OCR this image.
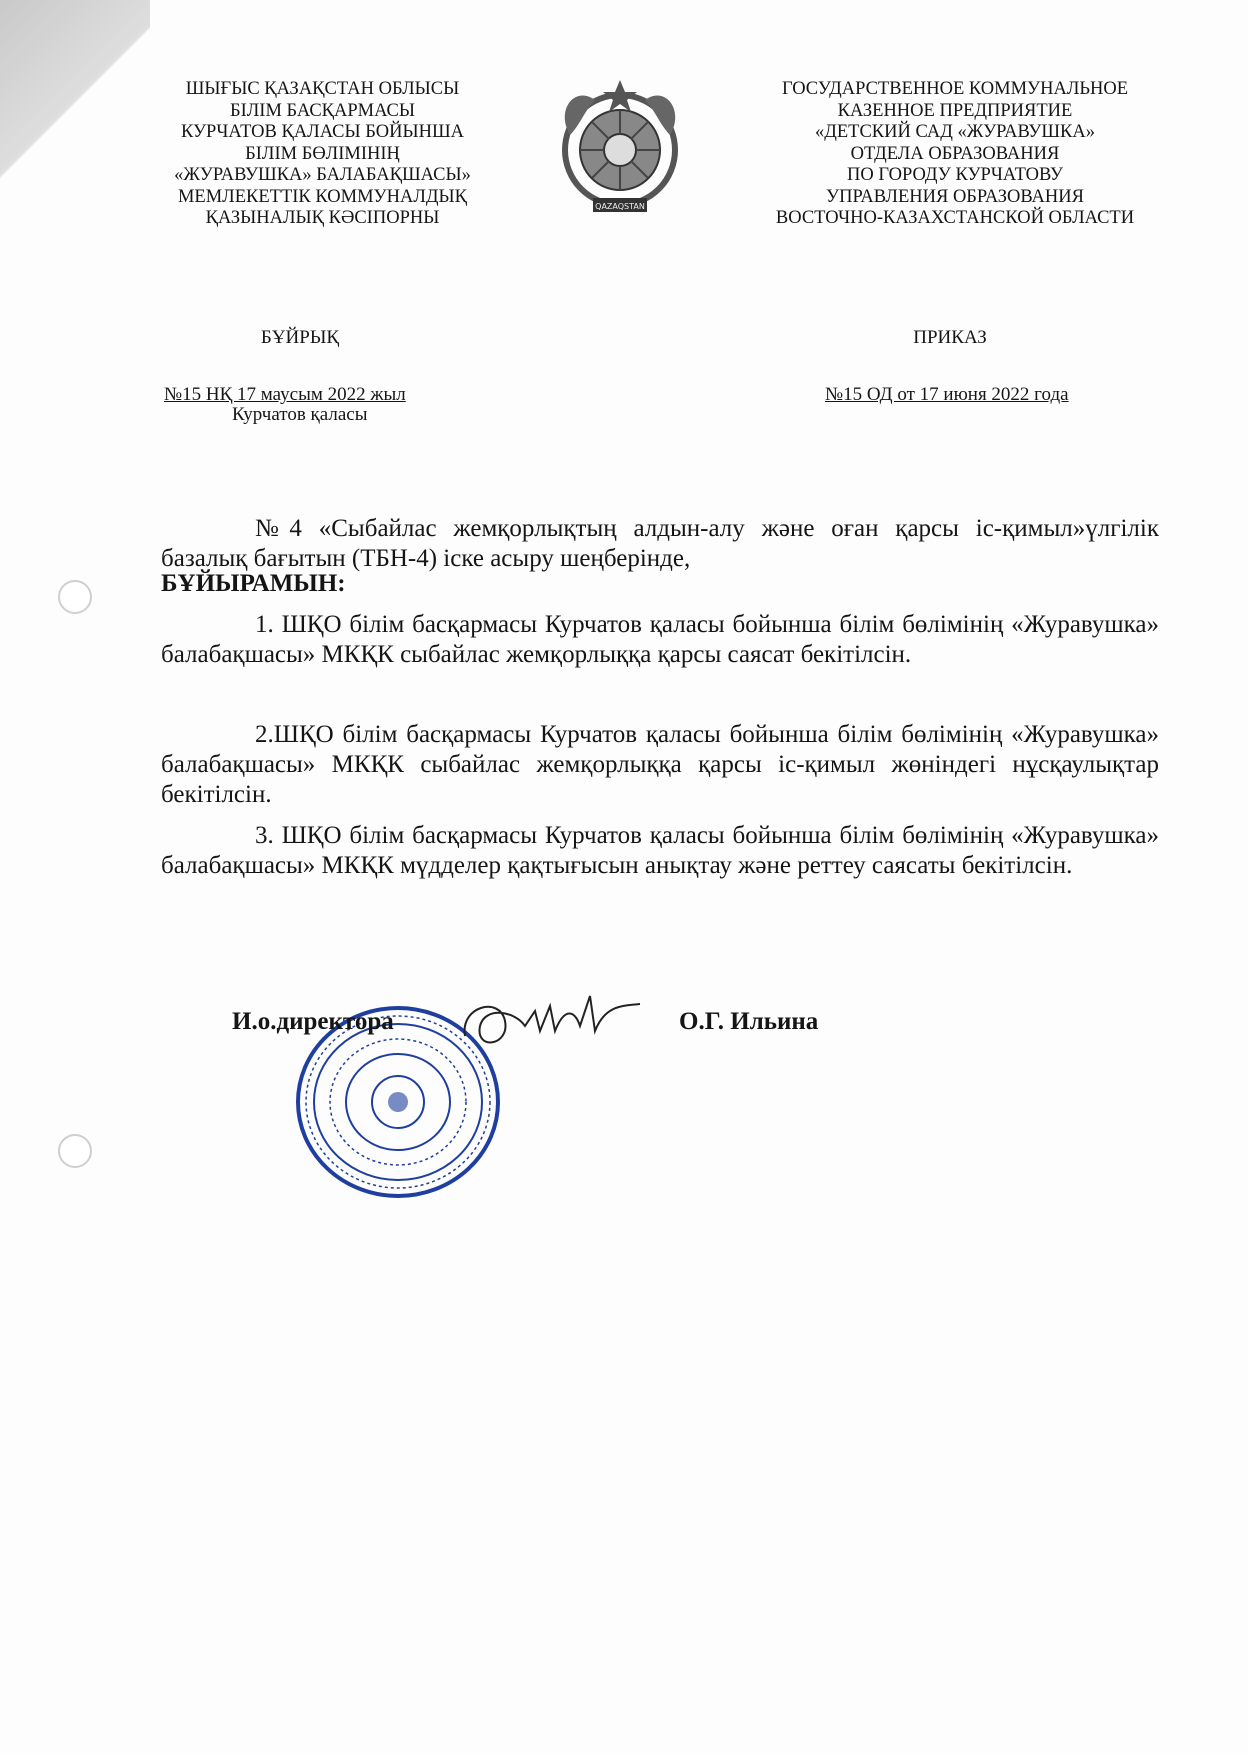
ШЫҒЫС ҚАЗАҚСТАН ОБЛЫСЫ
БІЛІМ БАСҚАРМАСЫ
КУРЧАТОВ ҚАЛАСЫ БОЙЫНША
БІЛІМ БӨЛІМІНІҢ
«ЖУРАВУШКА» БАЛАБАҚШАСЫ»
МЕМЛЕКЕТТІК КОММУНАЛДЫҚ
ҚАЗЫНАЛЫҚ КӘСІПОРНЫ
QAZAQSTAN
ГОСУДАРСТВЕННОЕ КОММУНАЛЬНОЕ
КАЗЕННОЕ ПРЕДПРИЯТИЕ
«ДЕТСКИЙ САД «ЖУРАВУШКА»
ОТДЕЛА ОБРАЗОВАНИЯ
ПО ГОРОДУ КУРЧАТОВУ
УПРАВЛЕНИЯ ОБРАЗОВАНИЯ
ВОСТОЧНО-КАЗАХСТАНСКОЙ ОБЛАСТИ
БҰЙРЫҚ	ПРИКАЗ
№15 НҚ 17 маусым 2022 жыл	№15 ОД от 17 июня 2022 года
Курчатов қаласы
№4 «Сыбайлас жемқорлықтың алдын-алу және оған қарсы іс-қимыл»үлгілік базалық бағытын (ТБН-4) іске асыру шеңберінде,
БҰЙЫРАМЫН:
1. ШҚО білім басқармасы Курчатов қаласы бойынша білім бөлімінің «Журавушка» балабақшасы» МКҚК сыбайлас жемқорлыққа қарсы саясат бекітілсін.
2.ШҚО білім басқармасы Курчатов қаласы бойынша білім бөлімінің «Журавушка» балабақшасы» МКҚК сыбайлас жемқорлыққа қарсы іс-қимыл жөніндегі нұсқаулықтар бекітілсін.
3. ШҚО білім басқармасы Курчатов қаласы бойынша білім бөлімінің «Журавушка» балабақшасы» МКҚК мүдделер қақтығысын анықтау және реттеу саясаты бекітілсін.
И.о.директора	О.Г. Ильина
